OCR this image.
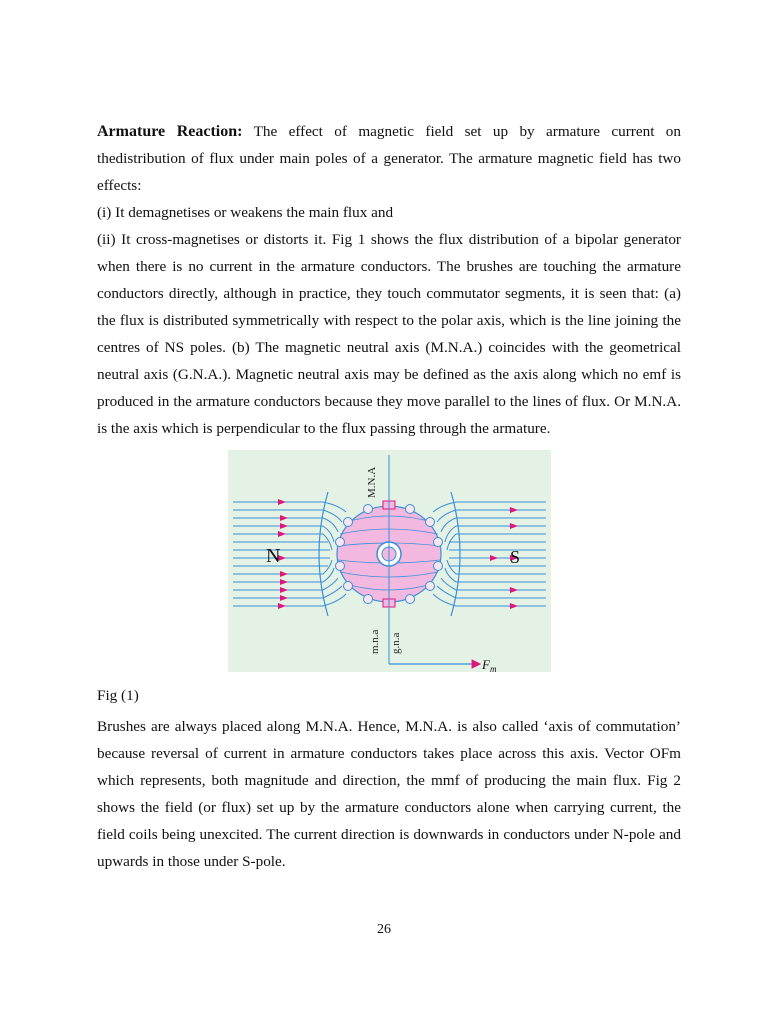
Armature Reaction: The effect of magnetic field set up by armature current on thedistribution of flux under main poles of a generator. The armature magnetic field has two effects:

(i) It demagnetises or weakens the main flux and

(ii) It cross-magnetises or distorts it. Fig 1 shows the flux distribution of a bipolar generator when there is no current in the armature conductors. The brushes are touching the armature conductors directly, although in practice, they touch commutator segments, it is seen that: (a) the flux is distributed symmetrically with respect to the polar axis, which is the line joining the centres of NS poles. (b) The magnetic neutral axis (M.N.A.) coincides with the geometrical neutral axis (G.N.A.). Magnetic neutral axis may be defined as the axis along which no emf is produced in the armature conductors because they move parallel to the lines of flux. Or M.N.A. is the axis which is perpendicular to the flux passing through the armature.

M.N.A
N	S
m.n.a g.n.a
$F_m$

Fig (1)

Brushes are always placed along M.N.A. Hence, M.N.A. is also called ‘axis of commutation’ because reversal of current in armature conductors takes place across this axis. Vector OFm which represents, both magnitude and direction, the mmf of producing the main flux. Fig 2 shows the field (or flux) set up by the armature conductors alone when carrying current, the field coils being unexcited. The current direction is downwards in conductors under N-pole and upwards in those under S-pole.

26
